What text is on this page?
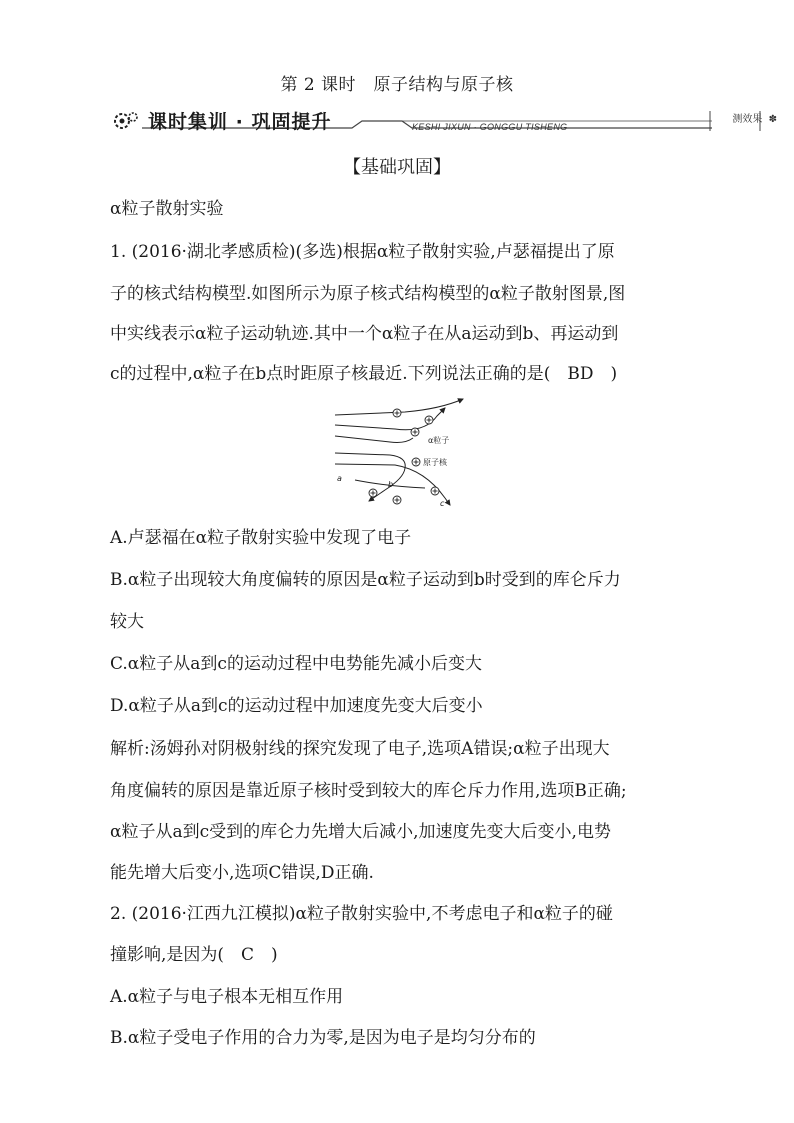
第 2 课时　原子结构与原子核
课时集训 · 巩固提升	KESHI JIXUN · GONGGU TISHENG
测效果 ✽
【基础巩固】
α粒子散射实验
1. (2016·湖北孝感质检)(多选)根据α粒子散射实验,卢瑟福提出了原
子的核式结构模型.如图所示为原子核式结构模型的α粒子散射图景,图
中实线表示α粒子运动轨迹.其中一个α粒子在从a运动到b、再运动到
c的过程中,α粒子在b点时距原子核最近.下列说法正确的是(　BD　)
α粒子
原子核
a
b
c
A.卢瑟福在α粒子散射实验中发现了电子
B.α粒子出现较大角度偏转的原因是α粒子运动到b时受到的库仑斥力
较大
C.α粒子从a到c的运动过程中电势能先减小后变大
D.α粒子从a到c的运动过程中加速度先变大后变小
解析:汤姆孙对阴极射线的探究发现了电子,选项A错误;α粒子出现大
角度偏转的原因是靠近原子核时受到较大的库仑斥力作用,选项B正确;
α粒子从a到c受到的库仑力先增大后减小,加速度先变大后变小,电势
能先增大后变小,选项C错误,D正确.
2. (2016·江西九江模拟)α粒子散射实验中,不考虑电子和α粒子的碰
撞影响,是因为(　C　)
A.α粒子与电子根本无相互作用
B.α粒子受电子作用的合力为零,是因为电子是均匀分布的
